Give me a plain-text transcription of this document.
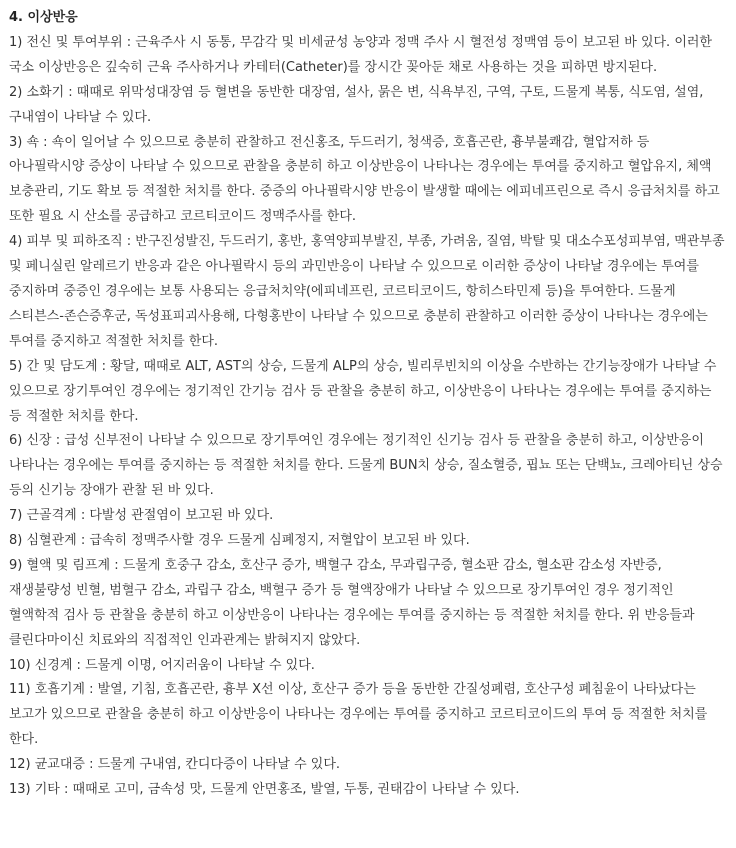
4. 이상반응
1) 전신 및 투여부위 : 근육주사 시 동통, 무감각 및 비세균성 농양과 정맥 주사 시 혈전성 정맥염 등이 보고된 바 있다. 이러한 국소 이상반응은 깊숙히 근육 주사하거나 카테터(Catheter)를 장시간 꽂아둔 채로 사용하는 것을 피하면 방지된다.
2) 소화기 : 때때로 위막성대장염 등 혈변을 동반한 대장염, 설사, 묽은 변, 식욕부진, 구역, 구토, 드물게 복통, 식도염, 설염, 구내염이 나타날 수 있다.
3) 쇽 : 쇽이 일어날 수 있으므로 충분히 관찰하고 전신홍조, 두드러기, 청색증, 호흡곤란, 흉부불쾌감, 혈압저하 등 아나필락시양 증상이 나타날 수 있으므로 관찰을 충분히 하고 이상반응이 나타나는 경우에는 투여를 중지하고 혈압유지, 체액 보충관리, 기도 확보 등 적절한 처치를 한다. 중증의 아나필락시양 반응이 발생할 때에는 에피네프린으로 즉시 응급처치를 하고 또한 필요 시 산소를 공급하고 코르티코이드 정맥주사를 한다.
4) 피부 및 피하조직 : 반구진성발진, 두드러기, 홍반, 홍역양피부발진, 부종, 가려움, 질염, 박탈 및 대소수포성피부염, 맥관부종 및 페니실린 알레르기 반응과 같은 아나필락시 등의 과민반응이 나타날 수 있으므로 이러한 증상이 나타날 경우에는 투여를 중지하며 중증인 경우에는 보통 사용되는 응급처치약(에피네프린, 코르티코이드, 항히스타민제 등)을 투여한다. 드물게 스티븐스-존슨증후군, 독성표피괴사용해, 다형홍반이 나타날 수 있으므로 충분히 관찰하고 이러한 증상이 나타나는 경우에는 투여를 중지하고 적절한 처치를 한다.
5) 간 및 담도계 : 황달, 때때로 ALT, AST의 상승, 드물게 ALP의 상승, 빌리루빈치의 이상을 수반하는 간기능장애가 나타날 수 있으므로 장기투여인 경우에는 정기적인 간기능 검사 등 관찰을 충분히 하고, 이상반응이 나타나는 경우에는 투여를 중지하는 등 적절한 처치를 한다.
6) 신장 : 급성 신부전이 나타날 수 있으므로 장기투여인 경우에는 정기적인 신기능 검사 등 관찰을 충분히 하고, 이상반응이 나타나는 경우에는 투여를 중지하는 등 적절한 처치를 한다. 드물게 BUN치 상승, 질소혈증, 핍뇨 또는 단백뇨, 크레아티닌 상승 등의 신기능 장애가 관찰 된 바 있다.
7) 근골격계 : 다발성 관절염이 보고된 바 있다.
8) 심혈관계 : 급속히 정맥주사할 경우 드물게 심폐정지, 저혈압이 보고된 바 있다.
9) 혈액 및 림프계 : 드물게 호중구 감소, 호산구 증가, 백혈구 감소, 무과립구증, 혈소판 감소, 혈소판 감소성 자반증, 재생불량성 빈혈, 범혈구 감소, 과립구 감소, 백혈구 증가 등 혈액장애가 나타날 수 있으므로 장기투여인 경우 정기적인 혈액학적 검사 등 관찰을 충분히 하고 이상반응이 나타나는 경우에는 투여를 중지하는 등 적절한 처치를 한다. 위 반응들과 클린다마이신 치료와의 직접적인 인과관계는 밝혀지지 않았다.
10) 신경계 : 드물게 이명, 어지러움이 나타날 수 있다.
11) 호흡기계 : 발열, 기침, 호흡곤란, 흉부 X선 이상, 호산구 증가 등을 동반한 간질성폐렴, 호산구성 폐침윤이 나타났다는 보고가 있으므로 관찰을 충분히 하고 이상반응이 나타나는 경우에는 투여를 중지하고 코르티코이드의 투여 등 적절한 처치를 한다.
12) 균교대증 : 드물게 구내염, 칸디다증이 나타날 수 있다.
13) 기타 : 때때로 고미, 금속성 맛, 드물게 안면홍조, 발열, 두통, 권태감이 나타날 수 있다.
